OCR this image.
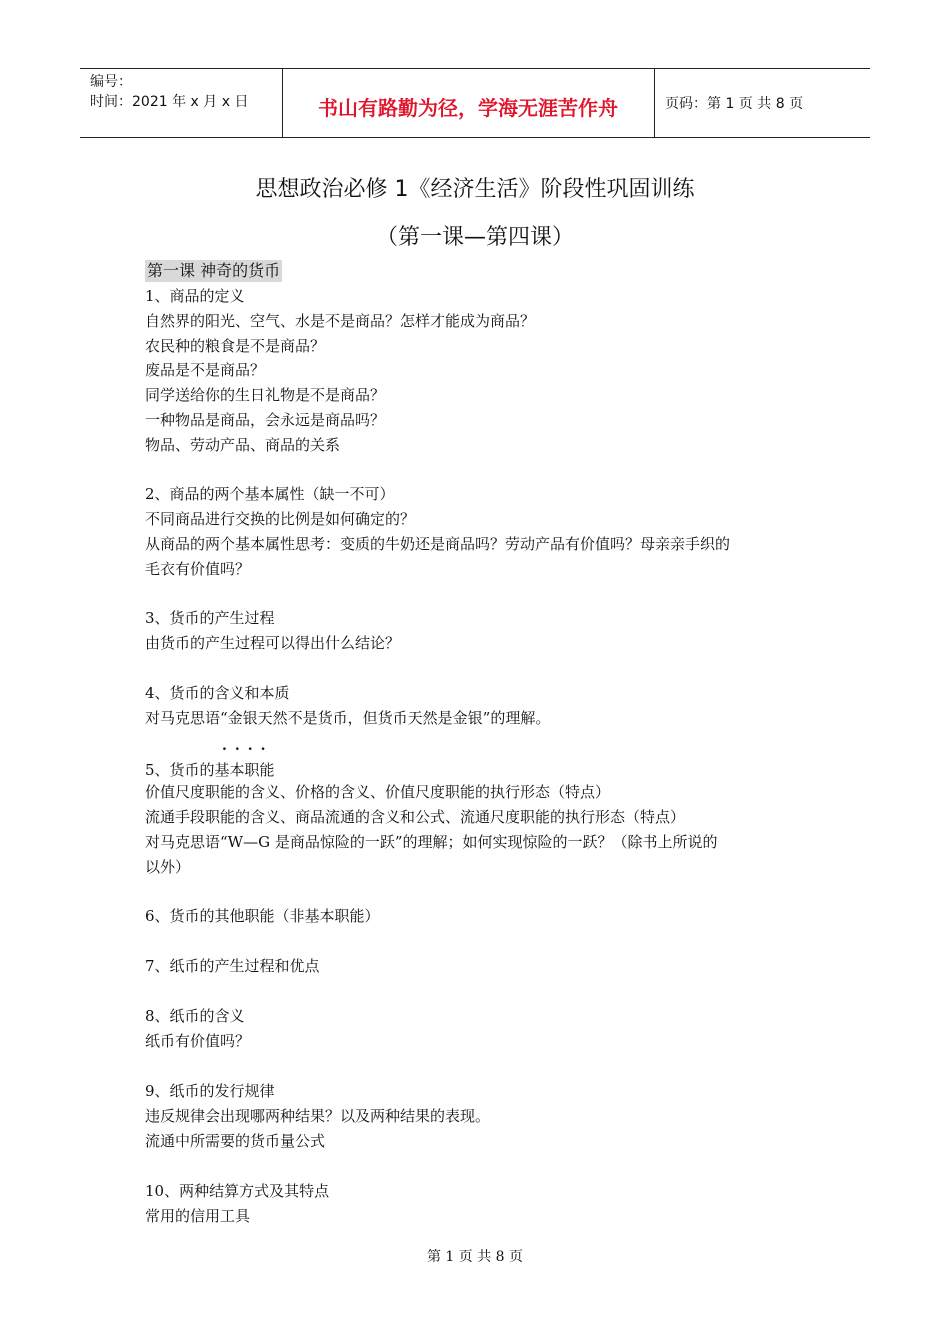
编号：
时间：2021 年 x 月 x 日	书山有路勤为径，学海无涯苦作舟	页码：第 1 页 共 8 页
思想政治必修 1《经济生活》阶段性巩固训练
（第一课—第四课）
第一课 神奇的货币
1、商品的定义
自然界的阳光、空气、水是不是商品？怎样才能成为商品？
农民种的粮食是不是商品？
废品是不是商品？
同学送给你的生日礼物是不是商品？
一种物品是商品，会永远是商品吗？
物品、劳动产品、商品的关系
2、商品的两个基本属性（缺一不可）
不同商品进行交换的比例是如何确定的？
从商品的两个基本属性思考：变质的牛奶还是商品吗？劳动产品有价值吗？母亲亲手织的
毛衣有价值吗？
3、货币的产生过程
由货币的产生过程可以得出什么结论？
4、货币的含义和本质
对马克思语“金银天然不是货币，但货币天然是金银”的理解。
....
5、货币的基本职能
价值尺度职能的含义、价格的含义、价值尺度职能的执行形态（特点）
流通手段职能的含义、商品流通的含义和公式、流通尺度职能的执行形态（特点）
对马克思语“W—G 是商品惊险的一跃”的理解；如何实现惊险的一跃？（除书上所说的
以外）
6、货币的其他职能（非基本职能）
7、纸币的产生过程和优点
8、纸币的含义
纸币有价值吗？
9、纸币的发行规律
违反规律会出现哪两种结果？以及两种结果的表现。
流通中所需要的货币量公式
10、两种结算方式及其特点
常用的信用工具
第 1 页 共 8 页
